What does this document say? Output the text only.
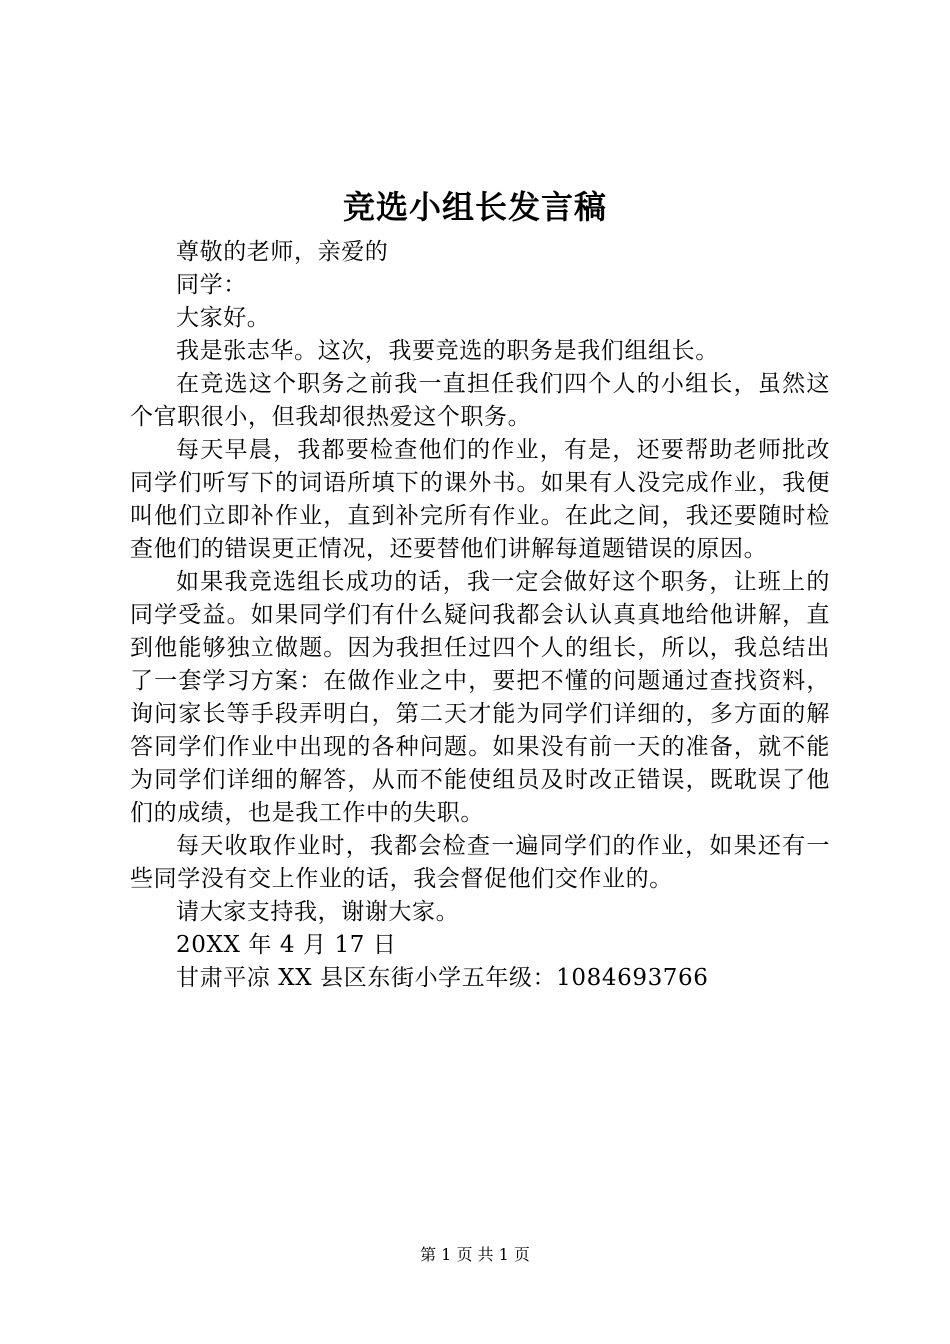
竞选小组长发言稿

尊敬的老师，亲爱的

同学：

大家好。

我是张志华。这次，我要竞选的职务是我们组组长。

在竞选这个职务之前我一直担任我们四个人的小组长，虽然这个官职很小，但我却很热爱这个职务。

每天早晨，我都要检查他们的作业，有是，还要帮助老师批改同学们听写下的词语所填下的课外书。如果有人没完成作业，我便叫他们立即补作业，直到补完所有作业。在此之间，我还要随时检查他们的错误更正情况，还要替他们讲解每道题错误的原因。

如果我竞选组长成功的话，我一定会做好这个职务，让班上的同学受益。如果同学们有什么疑问我都会认认真真地给他讲解，直到他能够独立做题。因为我担任过四个人的组长，所以，我总结出了一套学习方案：在做作业之中，要把不懂的问题通过查找资料，询问家长等手段弄明白，第二天才能为同学们详细的，多方面的解答同学们作业中出现的各种问题。如果没有前一天的准备，就不能为同学们详细的解答，从而不能使组员及时改正错误，既耽误了他们的成绩，也是我工作中的失职。

每天收取作业时，我都会检查一遍同学们的作业，如果还有一些同学没有交上作业的话，我会督促他们交作业的。

请大家支持我，谢谢大家。

20XX 年 4 月 17 日

甘肃平凉 XX 县区东街小学五年级：1084693766

第 1 页 共 1 页
